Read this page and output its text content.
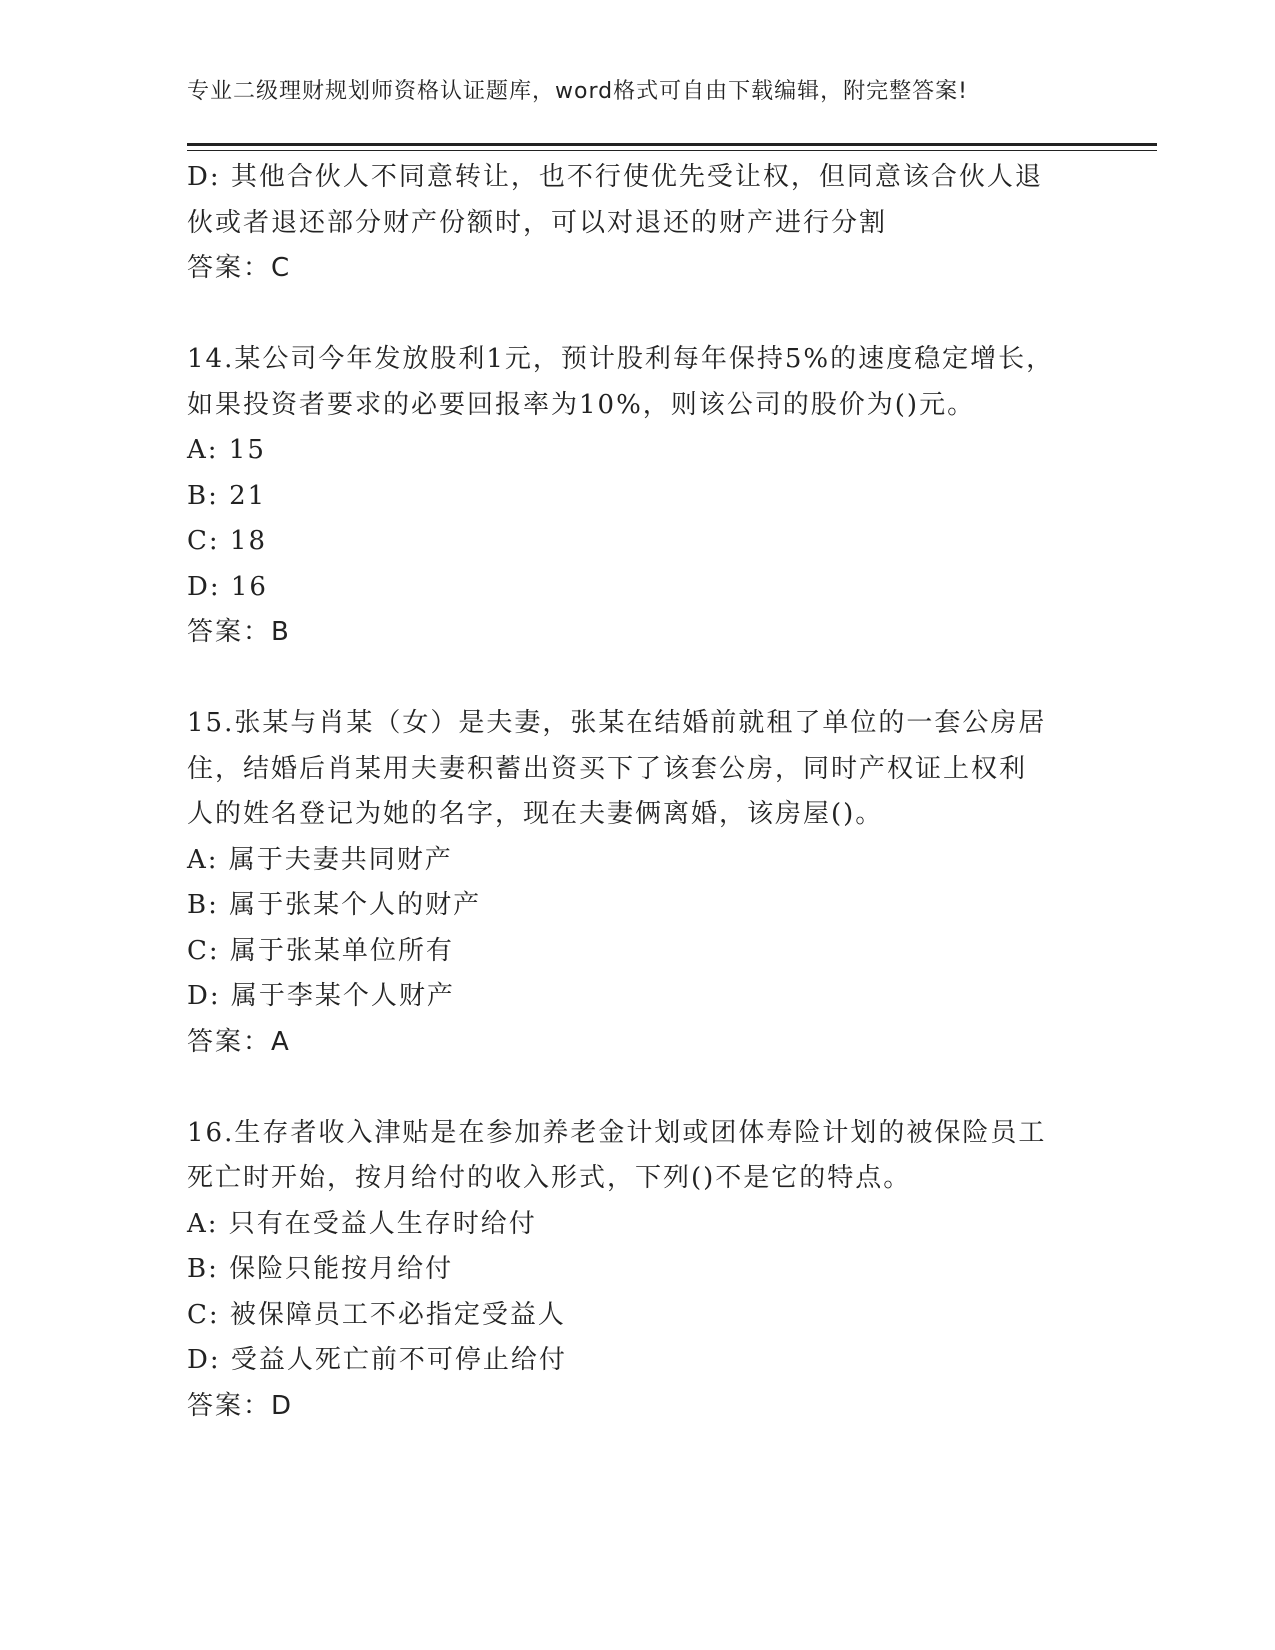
专业二级理财规划师资格认证题库，word格式可自由下载编辑，附完整答案!
D: 其他合伙人不同意转让，也不行使优先受让权，但同意该合伙人退
伙或者退还部分财产份额时，可以对退还的财产进行分割
答案：C
14.某公司今年发放股利1元，预计股利每年保持5%的速度稳定增长，
如果投资者要求的必要回报率为10%，则该公司的股价为()元。
A: 15
B: 21
C: 18
D: 16
答案：B
15.张某与肖某（女）是夫妻，张某在结婚前就租了单位的一套公房居
住，结婚后肖某用夫妻积蓄出资买下了该套公房，同时产权证上权利
人的姓名登记为她的名字，现在夫妻俩离婚，该房屋()。
A: 属于夫妻共同财产
B: 属于张某个人的财产
C: 属于张某单位所有
D: 属于李某个人财产
答案：A
16.生存者收入津贴是在参加养老金计划或团体寿险计划的被保险员工
死亡时开始，按月给付的收入形式，下列()不是它的特点。
A: 只有在受益人生存时给付
B: 保险只能按月给付
C: 被保障员工不必指定受益人
D: 受益人死亡前不可停止给付
答案：D
